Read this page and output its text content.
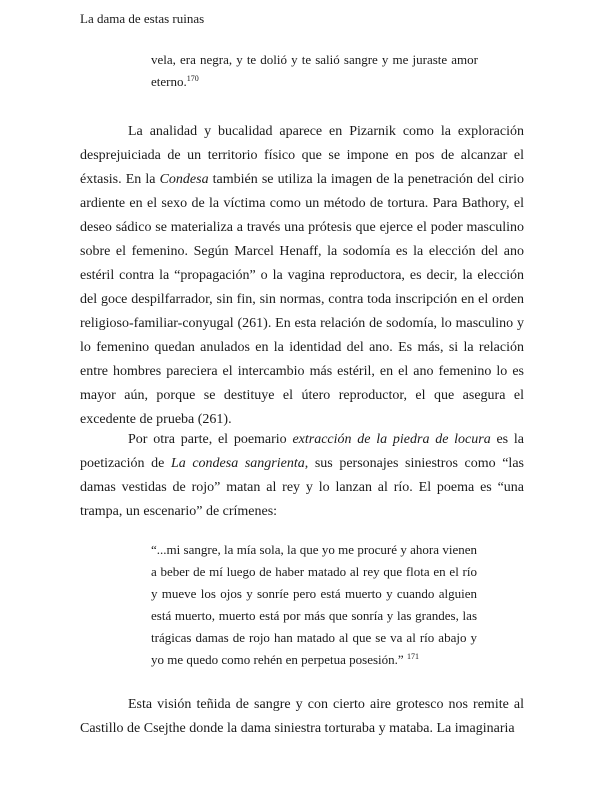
La dama de estas ruinas

vela, era negra, y te dolió y te salió sangre y me juraste amor eterno.$^{170}$

La analidad y bucalidad aparece en Pizarnik como la exploración desprejuiciada de un territorio físico que se impone en pos de alcanzar el éxtasis. En la Condesa también se utiliza la imagen de la penetración del cirio ardiente en el sexo de la víctima como un método de tortura. Para Bathory, el deseo sádico se materializa a través una prótesis que ejerce el poder masculino sobre el femenino. Según Marcel Henaff, la sodomía es la elección del ano estéril contra la “propagación” o la vagina reproductora, es decir, la elección del goce despilfarrador, sin fin, sin normas, contra toda inscripción en el orden religioso-familiar-conyugal (261). En esta relación de sodomía, lo masculino y lo femenino quedan anulados en la identidad del ano. Es más, si la relación entre hombres pareciera el intercambio más estéril, en el ano femenino lo es mayor aún, porque se destituye el útero reproductor, el que asegura el excedente de prueba (261).

Por otra parte, el poemario extracción de la piedra de locura es la poetización de La condesa sangrienta, sus personajes siniestros como “las damas vestidas de rojo” matan al rey y lo lanzan al río. El poema es “una trampa, un escenario” de crímenes:

“...mi sangre, la mía sola, la que yo me procuré y ahora vienen a beber de mí luego de haber matado al rey que flota en el río y mueve los ojos y sonríe pero está muerto y cuando alguien está muerto, muerto está por más que sonría y las grandes, las trágicas damas de rojo han matado al que se va al río abajo y yo me quedo como rehén en perpetua posesión.” $^{171}$

Esta visión teñida de sangre y con cierto aire grotesco nos remite al Castillo de Csejthe donde la dama siniestra torturaba y mataba. La imaginaria
